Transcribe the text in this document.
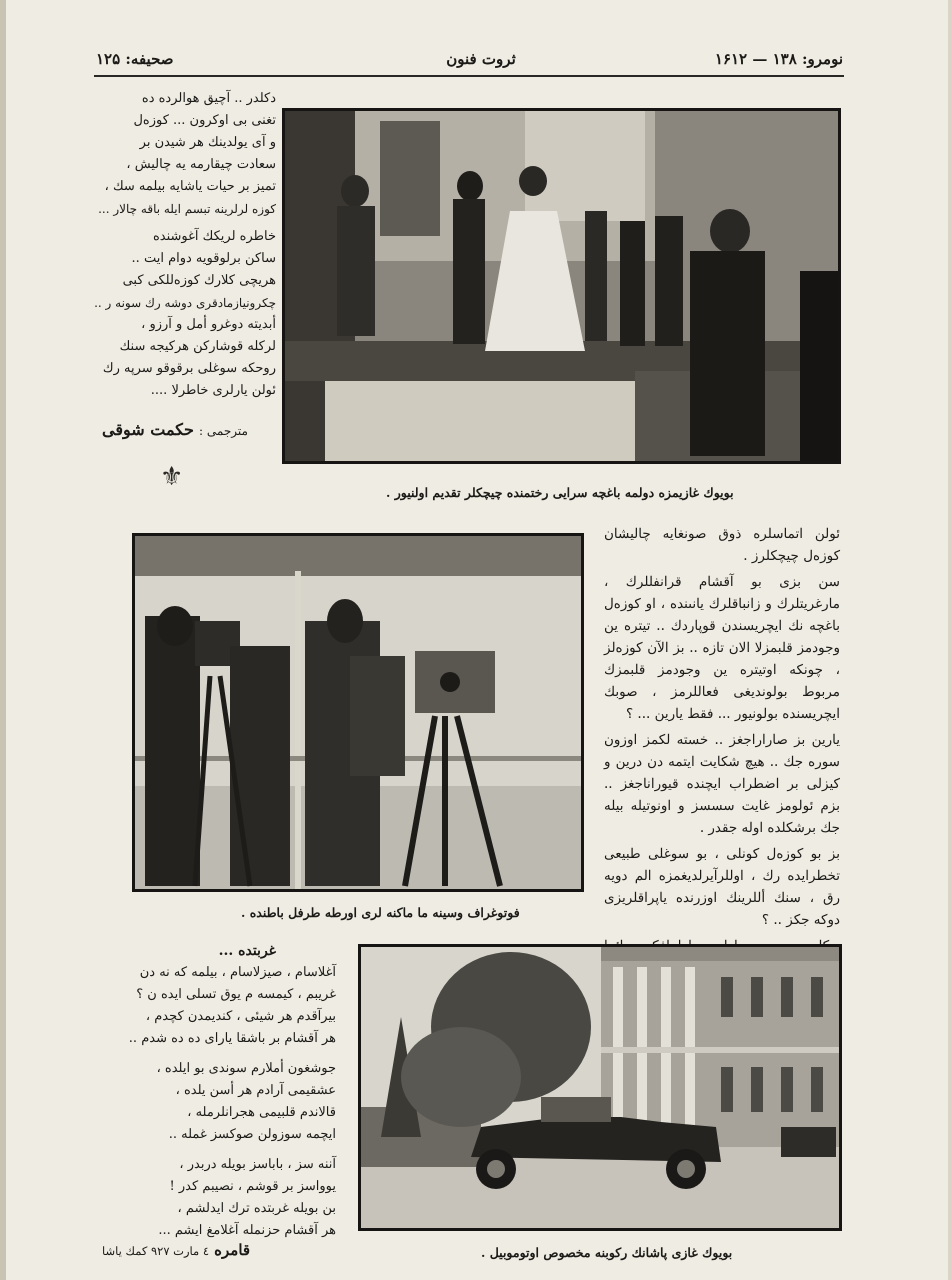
نومرو: ۱۳۸ — ۱۶۱۲
ثروت فنون
صحيفه: ۱۲۵
دكلدر .. آچيق هوالرده ده
تغنى بى اوكرون ... كوزەل
و آى يولدينك هر شيدن بر
سعادت چيقارمه يه چاليش ،
تميز بر حيات ياشايه بيلمه سك ،
كوزه لرلرينه تبسم ايله باقه چالار ...
خاطره لريكك آغوشنده
ساكن برلوقويه دوام ايت ..
هريچى كلارك كوزەللكى كبى
چكرونيازمادقرى دوشه رك سونه ر ..
أبديته دوغرو أمل و آرزو ،
لركله قوشاركن هركيجه سنك
روحكه سوغلى برقوقو سرپه رك
ئولن يارلرى خاطرلا ....
مترجمى : حكمت شوقى
⚜
بويوك غازيمزه دولمه باغچه سرايى رختمنده چيچكلر تقديم اولنيور .
فوتوغراف وسينه ما ماكنه لرى اورطه طرفل باطنده .

ئولن اتماسلره ذوق صونغايه چاليشان كوزەل چيچكلرز .

سن بزى بو آقشام قرانفللرك ، مارغريتلرك و زانباقلرك يانىنده ، او كوزەل باغچه نك ايچريسندن قوپاردك .. تيتره ين وجودمز قلبمزلا الان تازه .. بز الآن كوزەلز ، چونكه اوتيتره ين وجودمز قلبمزك مربوط بولونديغى فعاللرمز ، صوبك ايچريسنده بولونيور ... فقط يارين ... ؟

يارين بز صاراراجغز .. خسته لكمز اوزون سوره جك .. هيچ شكايت ايتمه دن درين و كيزلى بر اضطراب ايچنده قيوراناجغز .. بزم ئولومز غايت سسسز و اونوتيله بيله جك برشكلده اوله جقدر .

بز بو كوزەل كونلى ، بو سوغلى طبيعى تخطرايده رك ، اوللرآيرلديغمزه الم دويه رق ، سنك أللرينك اوزرنده ياپراقلريزى دوكه جكز .. ؟

غربتده ...
آغلاسام ، صيزلاسام ، بيلمه كه نه دن
غريبم ، كيمسه م يوق تسلى ايده ن ؟
بيرآقدم هر شيئى ، كنديمدن كچدم ،
هر آقشام بر باشقا ياراى ده ده شدم ..
جوشغون أملارم سوندى بو ايلده ،
عشقيمى آرادم هر أسن يلده ،
قالاندم قلبيمى هجرانلرمله ،
ايچمه سوزولن صوكسز غمله ..
آننه سز ، باباسز بويله دربدر ،
يوواسز بر قوشم ، نصيبم كدر !
بن بويله غربتده ترك ايدلشم ،
هر آقشام حزنمله آغلامغ ايشم ...
قامره ٤ مارت ٩٢٧ كمك ياشا	بويوك غازى پاشانك ركوبنه مخصوص اوتوموبيل .
